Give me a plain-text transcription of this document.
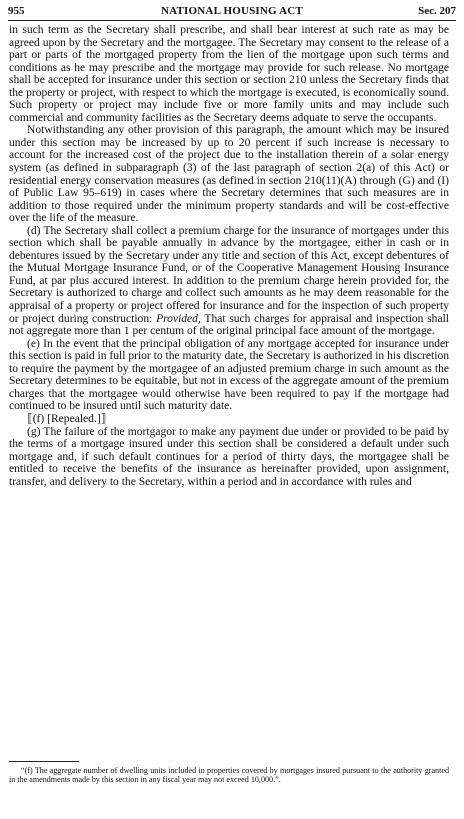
955	NATIONAL HOUSING ACT	Sec. 207

in such term as the Secretary shall prescribe, and shall bear interest at such rate as may be agreed upon by the Secretary and the mortgagee. The Secretary may consent to the release of a part or parts of the mortgaged property from the lien of the mortgage upon such terms and conditions as he may prescribe and the mortgage may provide for such release. No mortgage shall be accepted for insurance under this section or section 210 unless the Secretary finds that the property or project, with respect to which the mortgage is executed, is economically sound. Such property or project may include five or more family units and may include such commercial and community facilities as the Secretary deems adquate to serve the occupants.

Notwithstanding any other provision of this paragraph, the amount which may be insured under this section may be increased by up to 20 percent if such increase is necessary to account for the increased cost of the project due to the installation therein of a solar energy system (as defined in subparagraph (3) of the last paragraph of section 2(a) of this Act) or residential energy conservation measures (as defined in section 210(11)(A) through (G) and (I) of Public Law 95–619) in cases where the Secretary determines that such measures are in addition to those required under the minimum property standards and will be cost-effective over the life of the measure.

(d) The Secretary shall collect a premium charge for the insurance of mortgages under this section which shall be payable annually in advance by the mortgagee, either in cash or in debentures issued by the Secretary under any title and section of this Act, except debentures of the Mutual Mortgage Insurance Fund, or of the Cooperative Management Housing Insurance Fund, at par plus accured interest. In addition to the premium charge herein provided for, the Secretary is authorized to charge and collect such amounts as he may deem reasonable for the appraisal of a property or project offered for insurance and for the inspection of such property or project during construction: Provided, That such charges for appraisal and inspection shall not aggregate more than 1 per centum of the original principal face amount of the mortgage.

(e) In the event that the principal obligation of any mortgage accepted for insurance under this section is paid in full prior to the maturity date, the Secretary is authorized in his discretion to require the payment by the mortgagee of an adjusted premium charge in such amount as the Secretary determines to be equitable, but not in excess of the aggregate amount of the premium charges that the mortgagee would otherwise have been required to pay if the mortgage had continued to be insured until such maturity date.

⟦(f) [Repealed.]⟧

(g) The failure of the mortgagor to make any payment due under or provided to be paid by the terms of a mortgage insured under this section shall be considered a default under such mortgage and, if such default continues for a period of thirty days, the mortgagee shall be entitled to receive the benefits of the insurance as hereinafter provided, upon assignment, transfer, and delivery to the Secretary, within a period and in accordance with rules and

“(f) The aggregate number of dwelling units included in properties covered by mortgages insured pursuant to the authority granted in the amendments made by this section in any fiscal year may not exceed 10,000.”.
